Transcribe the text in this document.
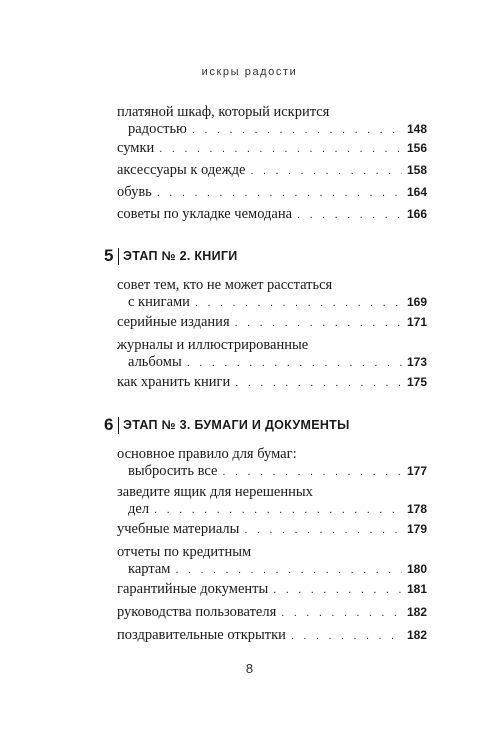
искры радости
платяной шкаф, который искрится
радостью . . .	148
сумки . . .	156
аксессуары к одежде . . .	158
обувь . . .	164
советы по укладке чемодана . . .	166
5 ЭТАП № 2. КНИГИ
совет тем, кто не может расстаться
с книгами . . .	169
серийные издания . . .	171
журналы и иллюстрированные
альбомы . . .	173
как хранить книги . . .	175
6 ЭТАП № 3. БУМАГИ И ДОКУМЕНТЫ
основное правило для бумаг:
выбросить все . . .	177
заведите ящик для нерешенных
дел . . .	178
учебные материалы . . .	179
отчеты по кредитным
картам . . .	180
гарантийные документы . . .	181
руководства пользователя . . .	182
поздравительные открытки . . .	182
8
